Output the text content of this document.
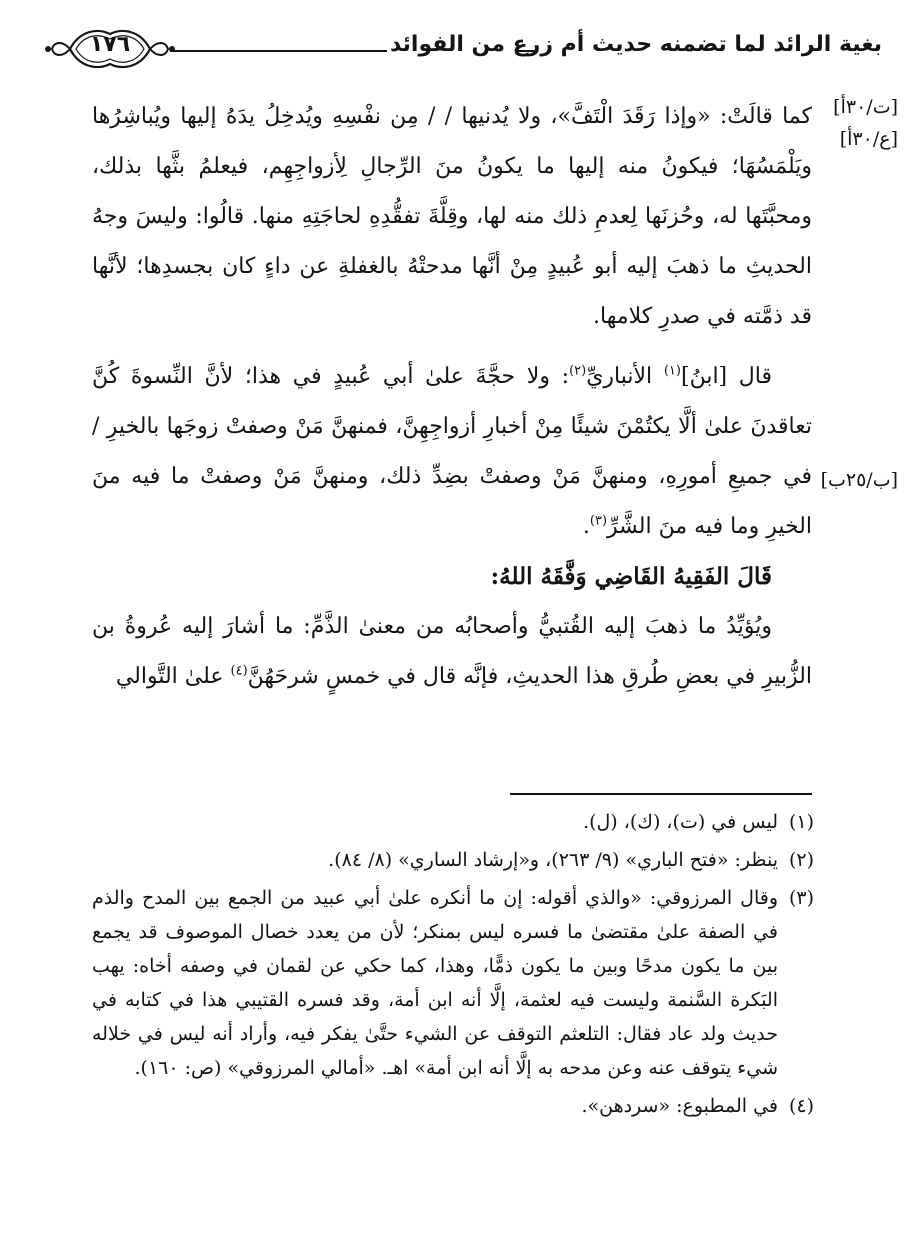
١٧٦	بغية الرائد لما تضمنه حديث أم زرع من الفوائد
[ت/٣٠أ]
[ع/٣٠أ]
[ب/٢٥ب]

كما قالَتْ: «وإذا رَقَدَ الْتَفَّ»، ولا يُدنيها / / مِن نفْسِهِ ويُدخِلُ يدَهُ إليها ويُباشِرُها ويَلْمَسُهَا؛ فيكونُ منه إليها ما يكونُ منَ الرِّجالِ لِأزواجِهِم، فيعلمُ بثَّها بذلك، ومحبَّتَها له، وحُزنَها لِعدمِ ذلك منه لها، وقِلَّةَ تفقُّدِهِ لحاجَتِهِ منها. قالُوا: وليسَ وجهُ الحديثِ ما ذهبَ إليه أبو عُبيدٍ مِنْ أنَّها مدحتْهُ بالغفلةِ عن داءٍ كان بجسدِها؛ لأنَّها قد ذمَّته في صدرِ كلامها.

قال [ابنُ]$^{(١)}$ الأنباريِّ$^{(٢)}$: ولا حجَّةَ علىٰ أبي عُبيدٍ في هذا؛ لأنَّ النِّسوةَ كُنَّ تعاقدنَ علىٰ ألَّا يكتُمْنَ شيئًا مِنْ أخبارِ أزواجِهِنَّ، فمنهنَّ مَنْ وصفتْ زوجَها بالخيرِ / في جميعِ أمورِهِ، ومنهنَّ مَنْ وصفتْ بضِدِّ ذلك، ومنهنَّ مَنْ وصفتْ ما فيه منَ الخيرِ وما فيه منَ الشَّرِّ$^{(٣)}$.

قَالَ الفَقِيهُ القَاضِي وَفَّقَهُ اللهُ:

ويُؤيِّدُ ما ذهبَ إليه القُتبيُّ وأصحابُه من معنىٰ الذَّمِّ: ما أشارَ إليه عُروةُ بن الزُّبيرِ في بعضِ طُرقِ هذا الحديثِ، فإنَّه قال في خمسٍ شرحَهُنَّ$^{(٤)}$ علىٰ التَّوالي

(١)
ليس في (ت)، (ك)، (ل).
(٢)
ينظر: «فتح الباري» (٩/ ٢٦٣)، و«إرشاد الساري» (٨/ ٨٤).
(٣)
وقال المرزوقي: «والذي أقوله: إن ما أنكره علىٰ أبي عبيد من الجمع بين المدح والذم في الصفة علىٰ مقتضىٰ ما فسره ليس بمنكر؛ لأن من يعدد خصال الموصوف قد يجمع بين ما يكون مدحًا وبين ما يكون ذمًّا، وهذا، كما حكي عن لقمان في وصفه أخاه: يهب البَكرة السَّنمة وليست فيه لعثمة، إلَّا أنه ابن أمة، وقد فسره القتيبي هذا في كتابه في حديث ولد عاد فقال: التلعثم التوقف عن الشيء حتَّىٰ يفكر فيه، وأراد أنه ليس في خلاله شيء يتوقف عنه وعن مدحه به إلَّا أنه ابن أمة» اهـ. «أمالي المرزوقي» (ص: ١٦٠).
(٤)
في المطبوع: «سردهن».
